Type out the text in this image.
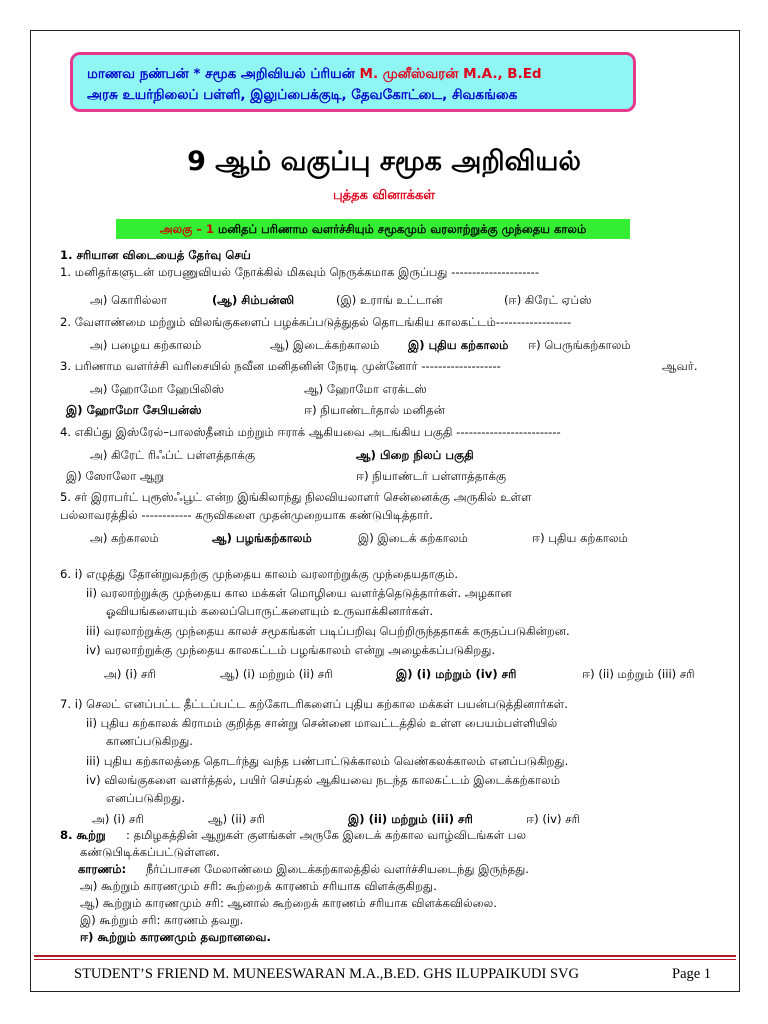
மாணவ நண்பன் * சமூக அறிவியல் ப்ரியன் M. முனீஸ்வரன் M.A., B.Ed
அரசு உயர்நிலைப் பள்ளி, இலுப்பைக்குடி, தேவகோட்டை, சிவகங்கை
9 ஆம் வகுப்பு சமூக அறிவியல்
புத்தக வினாக்கள்
அலகு – 1 மனிதப் பரிணாம வளர்ச்சியும் சமூகமும் வரலாற்றுக்கு முந்தைய காலம்
1. சரியான விடையைத் தேர்வு செய்
1. மனிதர்களுடன் மரபணுவியல் நோக்கில் மிகவும் நெருக்கமாக இருப்பது ---------------------
அ) கொரில்லா	(ஆ) சிம்பன்ஸி	(இ) உராங் உட்டான்	(ஈ) கிரேட் ஏப்ஸ்
2. வேளாண்மை மற்றும் விலங்குகளைப் பழக்கப்படுத்துதல் தொடங்கிய காலகட்டம்------------------
அ) பழைய கற்காலம்	ஆ) இடைக்கற்காலம் இ) புதிய கற்காலம் ஈ) பெருங்கற்காலம்
3. பரிணாம வளர்ச்சி வரிசையில் நவீன மனிதனின் நேரடி முன்னோர் -------------------	ஆவர்.
அ) ஹோமோ ஹேபிலிஸ்	ஆ) ஹோமோ எரக்டஸ்
இ) ஹோமோ சேபியன்ஸ்	ஈ) நியாண்டர்தால் மனிதன்
4. எகிப்து இஸ்ரேல்–பாலஸ்தீனம் மற்றும் ஈராக் ஆகியவை அடங்கிய பகுதி -------------------------
அ) கிரேட் ரிஃப்ட் பள்ளத்தாக்கு	ஆ) பிறை நிலப் பகுதி
இ) ஸோலோ ஆறு	ஈ) நியாண்டர் பள்ளாத்தாக்கு
5. சர் இராபர்ட் புரூஸ்ஃபூட் என்ற இங்கிலாந்து நிலவியலாளர் சென்னைக்கு அருகில் உள்ள
பல்லாவரத்தில் ------------ கருவிகளை முதன்முறையாக கண்டுபிடித்தார்.
அ) கற்காலம்	ஆ) பழங்கற்காலம்	இ) இடைக் கற்காலம்	ஈ) புதிய கற்காலம்
6. i) எழுத்து தோன்றுவதற்கு முந்தைய காலம் வரலாற்றுக்கு முந்தையதாகும்.
ii) வரலாற்றுக்கு முந்தைய கால மக்கள் மொழியை வளர்த்தெடுத்தார்கள். அழகான
ஓவியங்களையும் கலைப்பொருட்களையும் உருவாக்கினார்கள்.
iii) வரலாற்றுக்கு முந்தைய காலச் சமூகங்கள் படிப்பறிவு பெற்றிருந்ததாகக் கருதப்படுகின்றன.
iv) வரலாற்றுக்கு முந்தைய காலகட்டம் பழங்காலம் என்று அழைக்கப்படுகிறது.
அ) (i) சரி	ஆ) (i) மற்றும் (ii) சரி	இ) (i) மற்றும் (iv) சரி	ஈ) (ii) மற்றும் (iii) சரி
7. i) செலட் எனப்பட்ட தீட்டப்பட்ட கற்கோடரிகளைப் புதிய கற்கால மக்கள் பயன்படுத்தினார்கள்.
ii) புதிய கற்காலக் கிராமம் குறித்த சான்று சென்னை மாவட்டத்தில் உள்ள பையம்பள்ளியில்
காணப்படுகிறது.
iii) புதிய கற்காலத்தை தொடர்ந்து வந்த பண்பாட்டுக்காலம் வெண்கலக்காலம் எனப்படுகிறது.
iv) விலங்குகளை வளர்த்தல், பயிர் செய்தல் ஆகியவை நடந்த காலகட்டம் இடைக்கற்காலம்
எனப்படுகிறது.
அ) (i) சரி	ஆ) (ii) சரி	இ) (ii) மற்றும் (iii) சரி	ஈ) (iv) சரி
8. கூற்று : தமிழகத்தின் ஆறுகள் குளங்கள் அருகே இடைக் கற்கால வாழ்விடங்கள் பல
கண்டுபிடிக்கப்பட்டுள்ளன.
காரணம்: நீர்ப்பாசன மேலாண்மை இடைக்கற்காலத்தில் வளர்ச்சியடைந்து இருந்தது.
அ) கூற்றும் காரணமும் சரி: கூற்றைக் காரணம் சரியாக விளக்குகிறது.
ஆ) கூற்றும் காரணமும் சரி: ஆனால் கூற்றைக் காரணம் சரியாக விளக்கவில்லை.
இ) கூற்றும் சரி: காரணம் தவறு.
ஈ) கூற்றும் காரணமும் தவறானவை.
STUDENT’S FRIEND M. MUNEESWARAN M.A.,B.ED. GHS ILUPPAIKUDI SVG	Page 1
